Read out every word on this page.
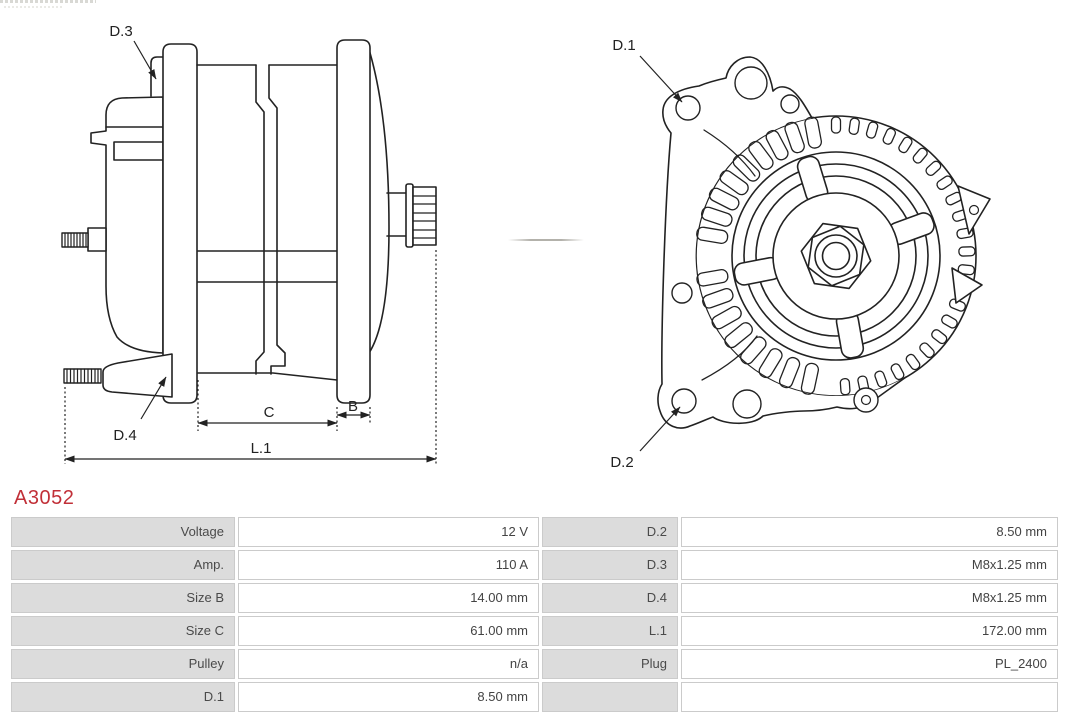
D.3
D.4
C	B
L.1
D.1
D.2
A3052
Voltage	12 V	D.2	8.50 mm
Amp.	110 A	D.3	M8x1.25 mm
Size B	14.00 mm	D.4	M8x1.25 mm
Size C	61.00 mm	L.1	172.00 mm
Pulley	n/a	Plug	PL_2400
D.1	8.50 mm
